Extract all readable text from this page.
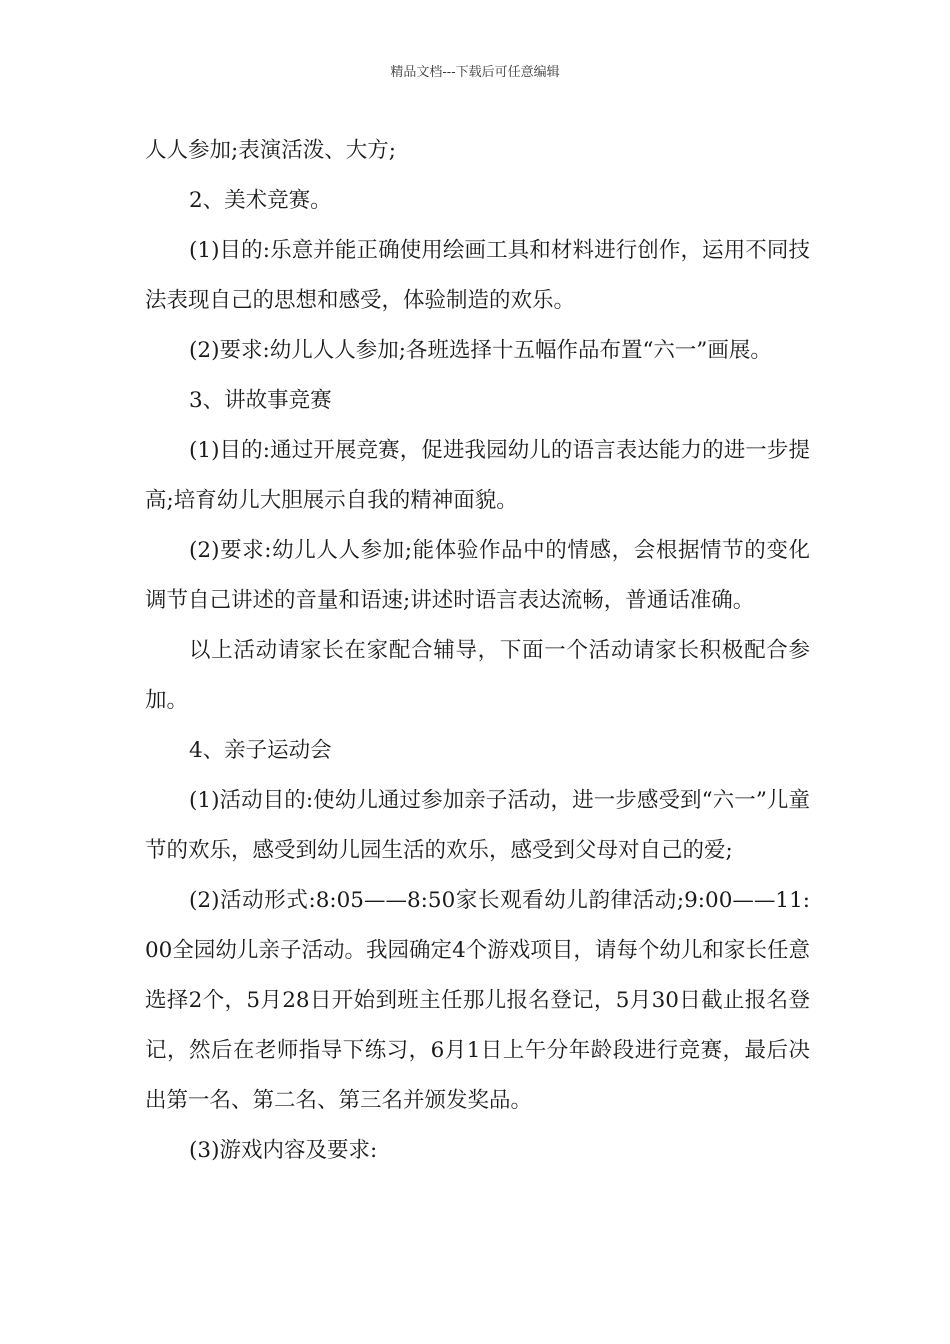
精品文档---下载后可任意编辑

人人参加;表演活泼、大方;

2、美术竞赛。

(1)目的:乐意并能正确使用绘画工具和材料进行创作，运用不同技法表现自己的思想和感受，体验制造的欢乐。

(2)要求:幼儿人人参加;各班选择十五幅作品布置“六一”画展。

3、讲故事竞赛

(1)目的:通过开展竞赛，促进我园幼儿的语言表达能力的进一步提高;培育幼儿大胆展示自我的精神面貌。

(2)要求:幼儿人人参加;能体验作品中的情感，会根据情节的变化调节自己讲述的音量和语速;讲述时语言表达流畅，普通话准确。

以上活动请家长在家配合辅导，下面一个活动请家长积极配合参加。

4、亲子运动会

(1)活动目的:使幼儿通过参加亲子活动，进一步感受到“六一”儿童节的欢乐，感受到幼儿园生活的欢乐，感受到父母对自己的爱;

(2)活动形式:8:05——8:50家长观看幼儿韵律活动;9:00——11:00全园幼儿亲子活动。我园确定4个游戏项目，请每个幼儿和家长任意选择2个，5月28日开始到班主任那儿报名登记，5月30日截止报名登记，然后在老师指导下练习，6月1日上午分年龄段进行竞赛，最后决出第一名、第二名、第三名并颁发奖品。

(3)游戏内容及要求:
